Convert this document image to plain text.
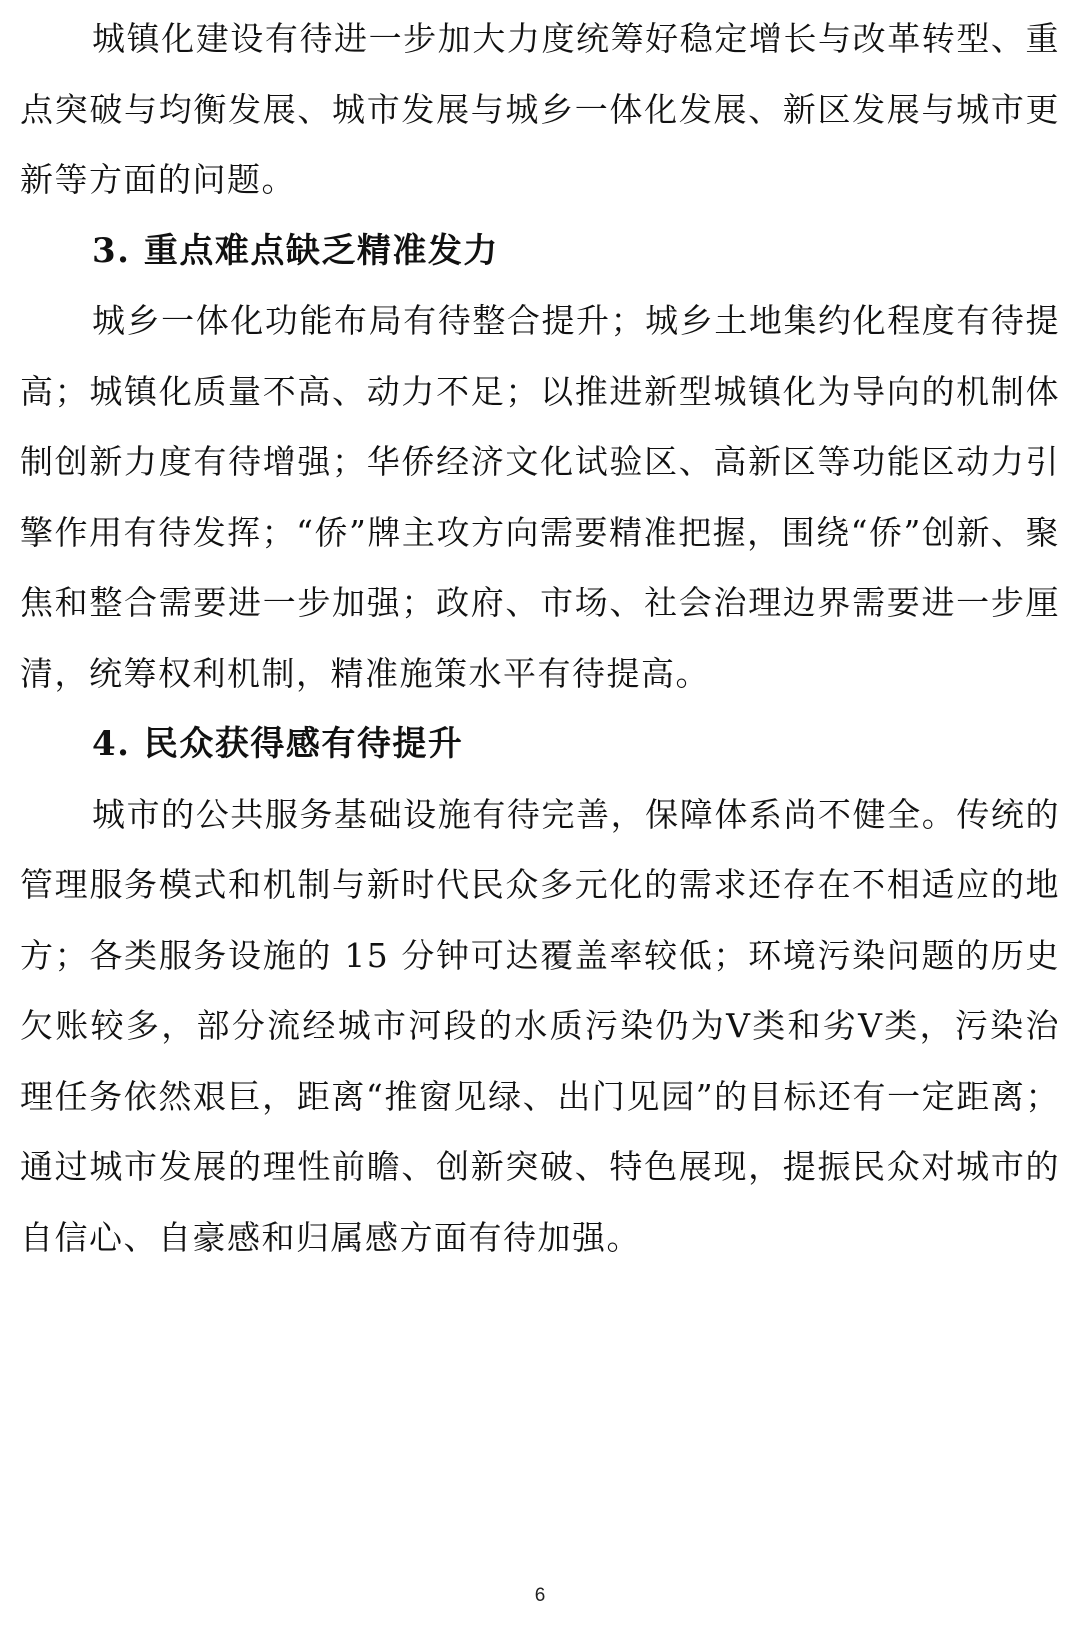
城镇化建设有待进一步加大力度统筹好稳定增长与改革转型、重点突破与均衡发展、城市发展与城乡一体化发展、新区发展与城市更新等方面的问题。

3. 重点难点缺乏精准发力

城乡一体化功能布局有待整合提升；城乡土地集约化程度有待提高；城镇化质量不高、动力不足；以推进新型城镇化为导向的机制体制创新力度有待增强；华侨经济文化试验区、高新区等功能区动力引擎作用有待发挥；“侨”牌主攻方向需要精准把握，围绕“侨”创新、聚焦和整合需要进一步加强；政府、市场、社会治理边界需要进一步厘清，统筹权利机制，精准施策水平有待提高。

4. 民众获得感有待提升

城市的公共服务基础设施有待完善，保障体系尚不健全。传统的管理服务模式和机制与新时代民众多元化的需求还存在不相适应的地方；各类服务设施的 15 分钟可达覆盖率较低；环境污染问题的历史欠账较多，部分流经城市河段的水质污染仍为Ⅴ类和劣Ⅴ类，污染治理任务依然艰巨，距离“推窗见绿、出门见园”的目标还有一定距离；通过城市发展的理性前瞻、创新突破、特色展现，提振民众对城市的自信心、自豪感和归属感方面有待加强。

6
